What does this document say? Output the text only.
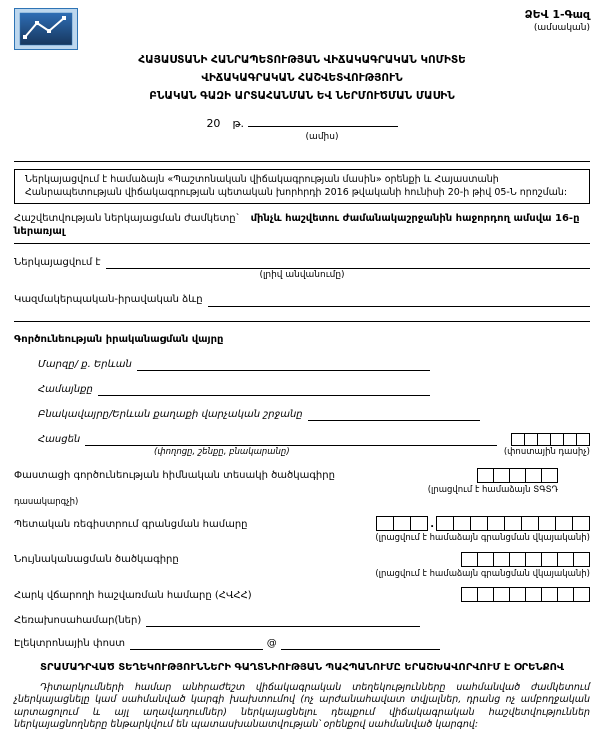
ՁԵՎ 1-Գազ
(ամսական)
ՀԱՅԱՍՏԱՆԻ ՀԱՆՐԱՊԵՏՈՒԹՅԱՆ ՎԻՃԱԿԱԳՐԱԿԱՆ ԿՈՄԻՏԵ
ՎԻՃԱԿԱԳՐԱԿԱՆ ՀԱՇՎԵՏՎՈՒԹՅՈՒՆ
ԲՆԱԿԱՆ ԳԱԶԻ ԱՐՏԱՀԱՆՄԱՆ ԵՎ ՆԵՐՄՈՒԾՄԱՆ ՄԱՍԻՆ
20 թ.
(ամիս)
Ներկայացվում է համաձայն «Պաշտոնական վիճակագրության մասին» օրենքի և Հայաստանի Հանրապետության վիճակագրության պետական խորհրդի 2016 թվականի հունիսի 20-ի թիվ 05-Ն որոշման:
Հաշվետվության ներկայացման ժամկետը` մինչև հաշվետու ժամանակաշրջանին հաջորդող ամսվա 16-ը ներառյալ
Ներկայացվում է
(լրիվ անվանումը)
Կազմակերպական-իրավական ձևը
Գործունեության իրականացման վայրը
Մարզը/ ք. Երևան
Համայնքը
Բնակավայրը/Երևան քաղաքի վարչական շրջանը
Հասցեն
(փողոցը, շենքը, բնակարանը)	(փոստային դասիչ)
Փաստացի գործունեության հիմնական տեսակի ծածկագիրը
(լրացվում է համաձայն ՏԳՏԴ
դասակարգչի)
Պետական ռեգիստրում գրանցման համարը	.
(լրացվում է համաձայն գրանցման վկայականի)
Նույնականացման ծածկագիրը
(լրացվում է համաձայն գրանցման վկայականի)
Հարկ վճարողի հաշվառման համարը (ՀՎՀՀ)
Հեռախոսահամար(ներ)
Էլեկտրոնային փոստ	@
ՏՐԱՄԱԴՐՎԱԾ ՏԵՂԵԿՈՒԹՅՈՒՆՆԵՐԻ ԳԱՂՏՆԻՈՒԹՅԱՆ ՊԱՀՊԱՆՈՒՄԸ ԵՐԱՇԽԱՎՈՐՎՈՒՄ Է ՕՐԵՆՔՈՎ

Դիտարկումների համար անհրաժեշտ վիճակագրական տեղեկությունները սահմանված ժամկետում չներկայացնելը կամ սահմանված կարգի խախտումով (ոչ արժանահավատ տվյալներ, դրանց ոչ ամբողջական արտացոլում և այլ աղավաղումներ) ներկայացնելու դեպքում վիճակագրական հաշվետվություններ ներկայացնողները ենթարկվում են պատասխանատվության՝ օրենքով սահմանված կարգով:
